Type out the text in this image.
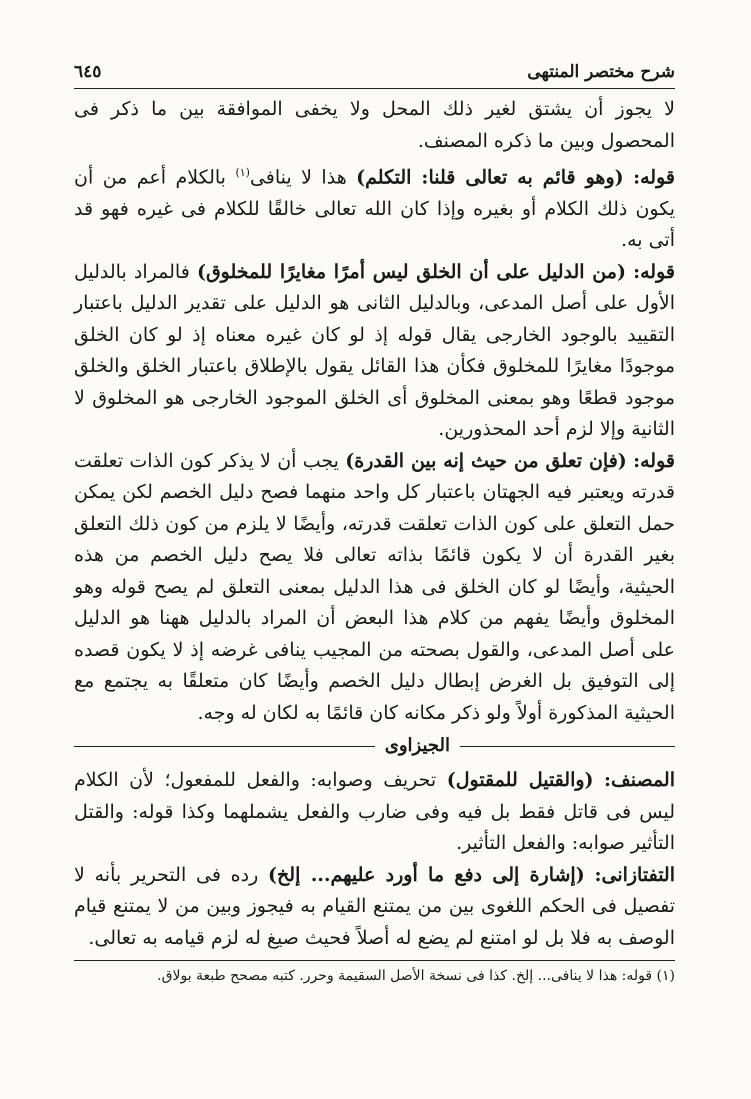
شرح مختصر المنتهى
٦٤٥

لا يجوز أن يشتق لغير ذلك المحل ولا يخفى الموافقة بين ما ذكر فى المحصول وبين ما ذكره المصنف.

قوله: (وهو قائم به تعالى قلنا: التكلم) هذا لا ينافى$^{(١)}$ بالكلام أعم من أن يكون ذلك الكلام أو بغيره وإذا كان الله تعالى خالقًا للكلام فى غيره فهو قد أتى به.

قوله: (من الدليل على أن الخلق ليس أمرًا مغايرًا للمخلوق) فالمراد بالدليل الأول على أصل المدعى، وبالدليل الثانى هو الدليل على تقدير الدليل باعتبار التقييد بالوجود الخارجى يقال قوله إذ لو كان غيره معناه إذ لو كان الخلق موجودًا مغايرًا للمخلوق فكأن هذا القائل يقول بالإطلاق باعتبار الخلق والخلق موجود قطعًا وهو بمعنى المخلوق أى الخلق الموجود الخارجى هو المخلوق لا الثانية وإلا لزم أحد المحذورين.

قوله: (فإن تعلق من حيث إنه بين القدرة) يجب أن لا يذكر كون الذات تعلقت قدرته ويعتبر فيه الجهتان باعتبار كل واحد منهما فصح دليل الخصم لكن يمكن حمل التعلق على كون الذات تعلقت قدرته، وأيضًا لا يلزم من كون ذلك التعلق بغير القدرة أن لا يكون قائمًا بذاته تعالى فلا يصح دليل الخصم من هذه الحيثية، وأيضًا لو كان الخلق فى هذا الدليل بمعنى التعلق لم يصح قوله وهو المخلوق وأيضًا يفهم من كلام هذا البعض أن المراد بالدليل ههنا هو الدليل على أصل المدعى، والقول بصحته من المجيب ينافى غرضه إذ لا يكون قصده إلى التوفيق بل الغرض إبطال دليل الخصم وأيضًا كان متعلقًا به يجتمع مع الحيثية المذكورة أولاً ولو ذكر مكانه كان قائمًا به لكان له وجه.

الجيزاوى

المصنف: (والقتيل للمقتول) تحريف وصوابه: والفعل للمفعول؛ لأن الكلام ليس فى قاتل فقط بل فيه وفى ضارب والفعل يشملهما وكذا قوله: والقتل التأثير صوابه: والفعل التأثير.

التفتازانى: (إشارة إلى دفع ما أورد عليهم... إلخ) رده فى التحرير بأنه لا تفصيل فى الحكم اللغوى بين من يمتنع القيام به فيجوز وبين من لا يمتنع قيام الوصف به فلا بل لو امتنع لم يضع له أصلاً فحيث صيغ له لزم قيامه به تعالى.

(١) قوله: هذا لا ينافى... إلخ. كذا فى نسخة الأصل السقيمة وحرر. كتبه مصحح طبعة بولاق.
